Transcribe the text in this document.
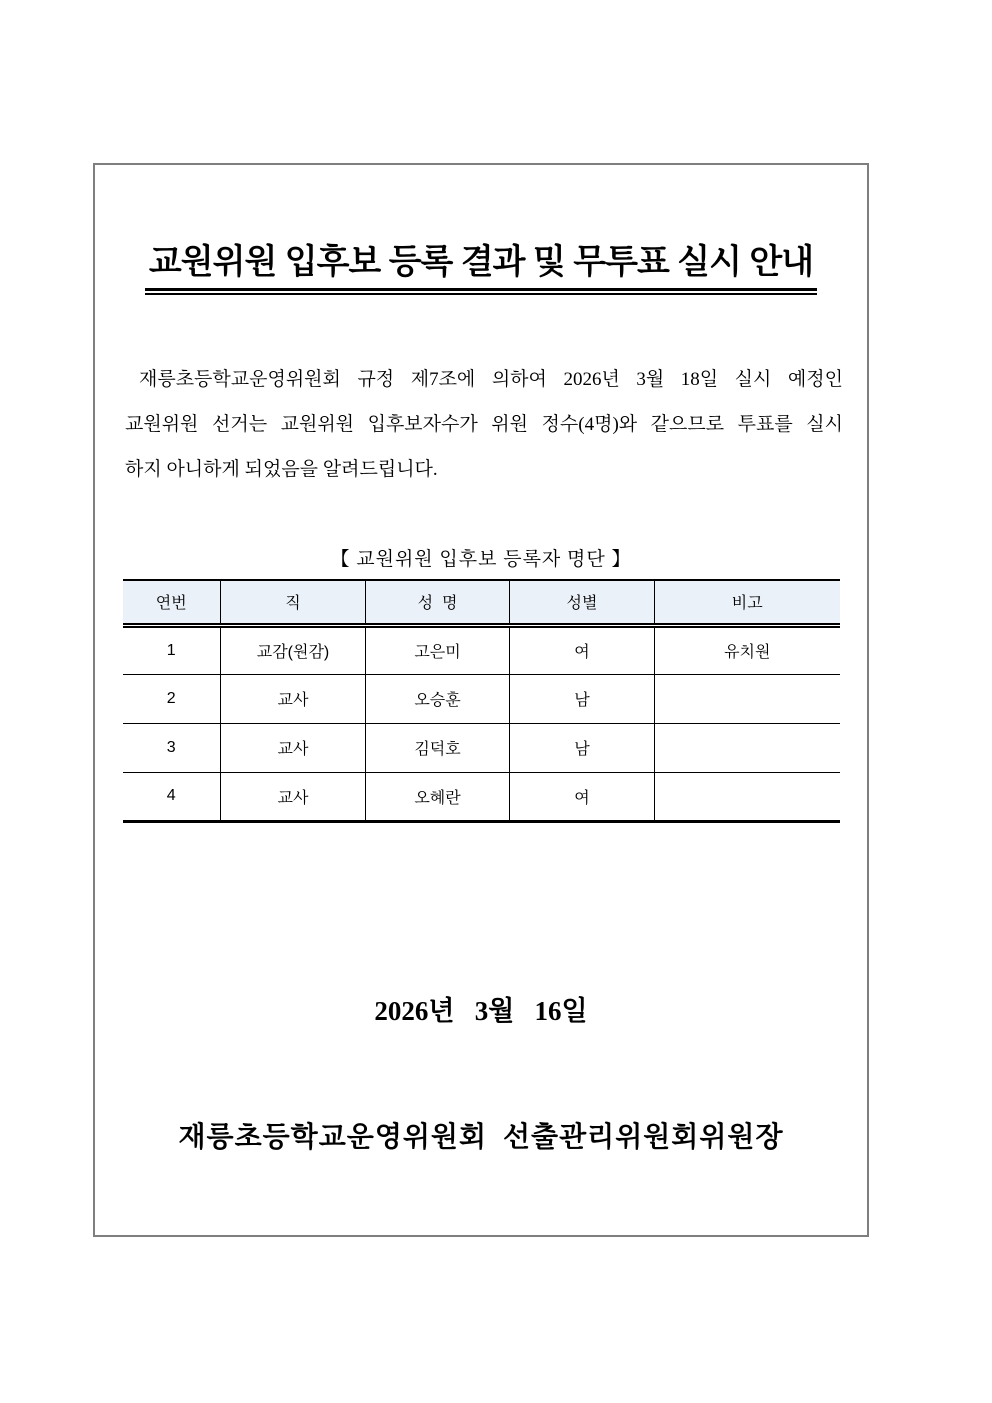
교원위원 입후보 등록 결과 및 무투표 실시 안내
재릉초등학교운영위원회 규정 제7조에 의하여 2026년 3월 18일 실시 예정인
교원위원 선거는 교원위원 입후보자수가 위원 정수(4명)와 같으므로 투표를 실시
하지 아니하게 되었음을 알려드립니다.
【 교원위원 입후보 등록자 명단 】
연번	직	성  명	성별	비고
1	교감(원감)	고은미	여	유치원
2	교사	오승훈	남	
3	교사	김덕호	남	
4	교사	오혜란	여	
2026년   3월   16일
재릉초등학교운영위원회  선출관리위원회위원장
